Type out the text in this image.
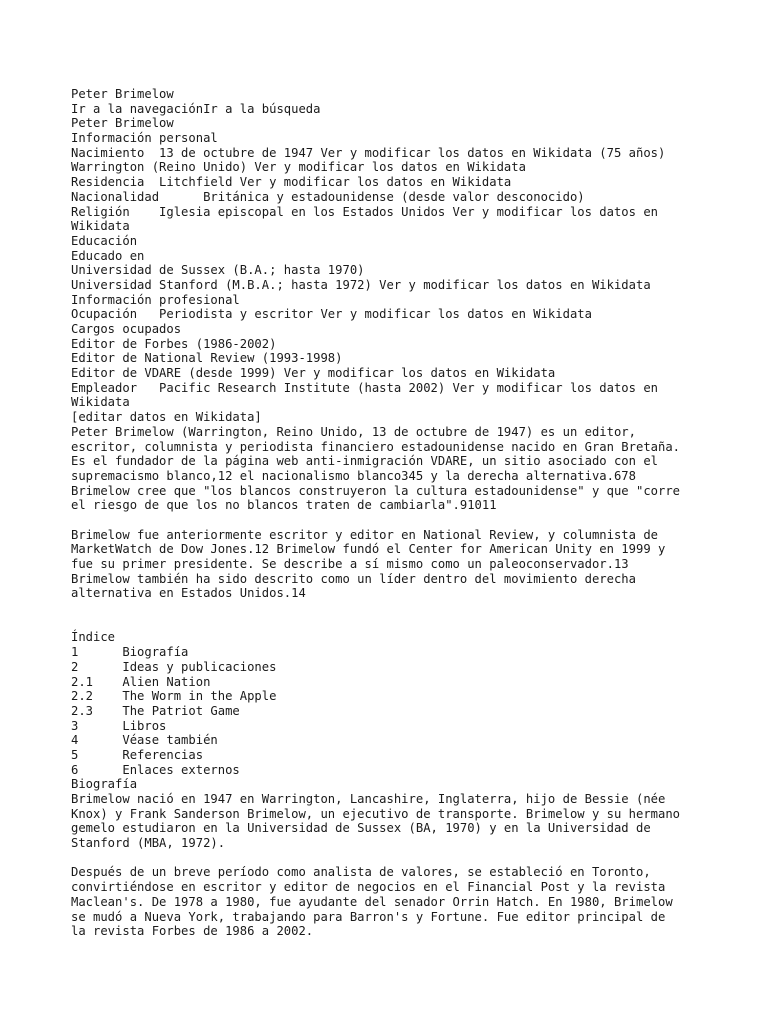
Peter Brimelow
Ir a la navegaciónIr a la búsqueda
Peter Brimelow
Información personal
Nacimiento  13 de octubre de 1947 Ver y modificar los datos en Wikidata (75 años)
Warrington (Reino Unido) Ver y modificar los datos en Wikidata
Residencia  Litchfield Ver y modificar los datos en Wikidata
Nacionalidad      Británica y estadounidense (desde valor desconocido)
Religión    Iglesia episcopal en los Estados Unidos Ver y modificar los datos en
Wikidata
Educación
Educado en
Universidad de Sussex (B.A.; hasta 1970)
Universidad Stanford (M.B.A.; hasta 1972) Ver y modificar los datos en Wikidata
Información profesional
Ocupación   Periodista y escritor Ver y modificar los datos en Wikidata
Cargos ocupados
Editor de Forbes (1986-2002)
Editor de National Review (1993-1998)
Editor de VDARE (desde 1999) Ver y modificar los datos en Wikidata
Empleador   Pacific Research Institute (hasta 2002) Ver y modificar los datos en
Wikidata
[editar datos en Wikidata]
Peter Brimelow (Warrington, Reino Unido, 13 de octubre de 1947) es un editor,
escritor, columnista y periodista financiero estadounidense nacido en Gran Bretaña.
Es el fundador de la página web anti-inmigración VDARE, un sitio asociado con el
supremacismo blanco,12 el nacionalismo blanco345 y la derecha alternativa.678
Brimelow cree que "los blancos construyeron la cultura estadounidense" y que "corre
el riesgo de que los no blancos traten de cambiarla".91011
Brimelow fue anteriormente escritor y editor en National Review, y columnista de
MarketWatch de Dow Jones.12 Brimelow fundó el Center for American Unity en 1999 y
fue su primer presidente. Se describe a sí mismo como un paleoconservador.13
Brimelow también ha sido descrito como un líder dentro del movimiento derecha
alternativa en Estados Unidos.14
Índice
1      Biografía
2      Ideas y publicaciones
2.1    Alien Nation
2.2    The Worm in the Apple
2.3    The Patriot Game
3      Libros
4      Véase también
5      Referencias
6      Enlaces externos
Biografía
Brimelow nació en 1947 en Warrington, Lancashire, Inglaterra, hijo de Bessie (née
Knox) y Frank Sanderson Brimelow, un ejecutivo de transporte. Brimelow y su hermano
gemelo estudiaron en la Universidad de Sussex (BA, 1970) y en la Universidad de
Stanford (MBA, 1972).
Después de un breve período como analista de valores, se estableció en Toronto,
convirtiéndose en escritor y editor de negocios en el Financial Post y la revista
Maclean's. De 1978 a 1980, fue ayudante del senador Orrin Hatch. En 1980, Brimelow
se mudó a Nueva York, trabajando para Barron's y Fortune. Fue editor principal de
la revista Forbes de 1986 a 2002.
